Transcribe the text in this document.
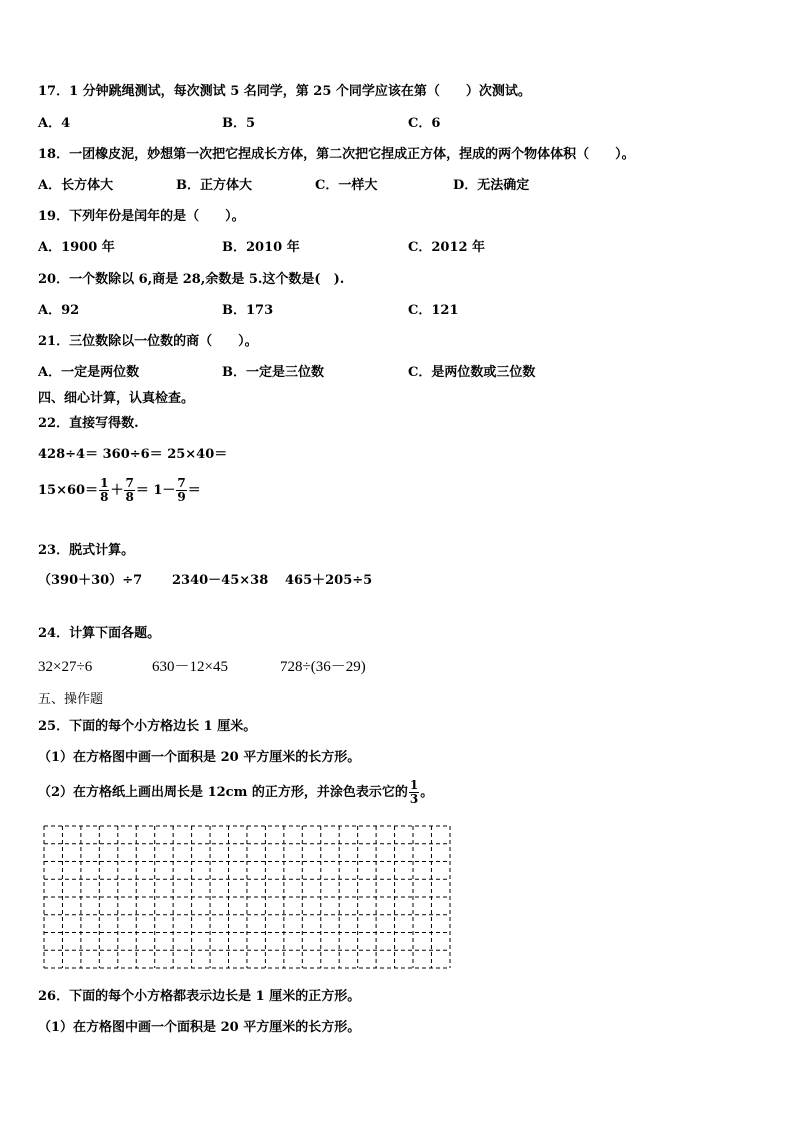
17．1 分钟跳绳测试，每次测试 5 名同学，第 25 个同学应该在第（　　）次测试。
A．4	B．5	C．6
18．一团橡皮泥，妙想第一次把它捏成长方体，第二次把它捏成正方体，捏成的两个物体体积（　　）。
A．长方体大	B．正方体大	C．一样大	D．无法确定
19．下列年份是闰年的是（　　）。
A．1900 年	B．2010 年	C．2012 年
20．一个数除以 6,商是 28,余数是 5.这个数是(　).
A．92	B．173	C．121
21．三位数除以一位数的商（　　）。
A．一定是两位数	B．一定是三位数	C．是两位数或三位数
四、细心计算，认真检查。
22．直接写得数.
428÷4＝ 360÷6＝ 25×40＝
$15\times 60= \frac{1}{8} + \frac{7}{8} = 1- \frac{7}{9}$ ＝
23．脱式计算。
（390＋30）÷7 2340－45×38 465＋205÷5
24．计算下面各题。
32×27÷6	630－12×45	728÷(36－29)
五、操作题
25．下面的每个小方格边长 1 厘米。
（1）在方格图中画一个面积是 20 平方厘米的长方形。
（2）在方格纸上画出周长是 12cm 的正方形，并涂色表示它的 $\frac{1}{3}$ 。
26．下面的每个小方格都表示边长是 1 厘米的正方形。
（1）在方格图中画一个面积是 20 平方厘米的长方形。
